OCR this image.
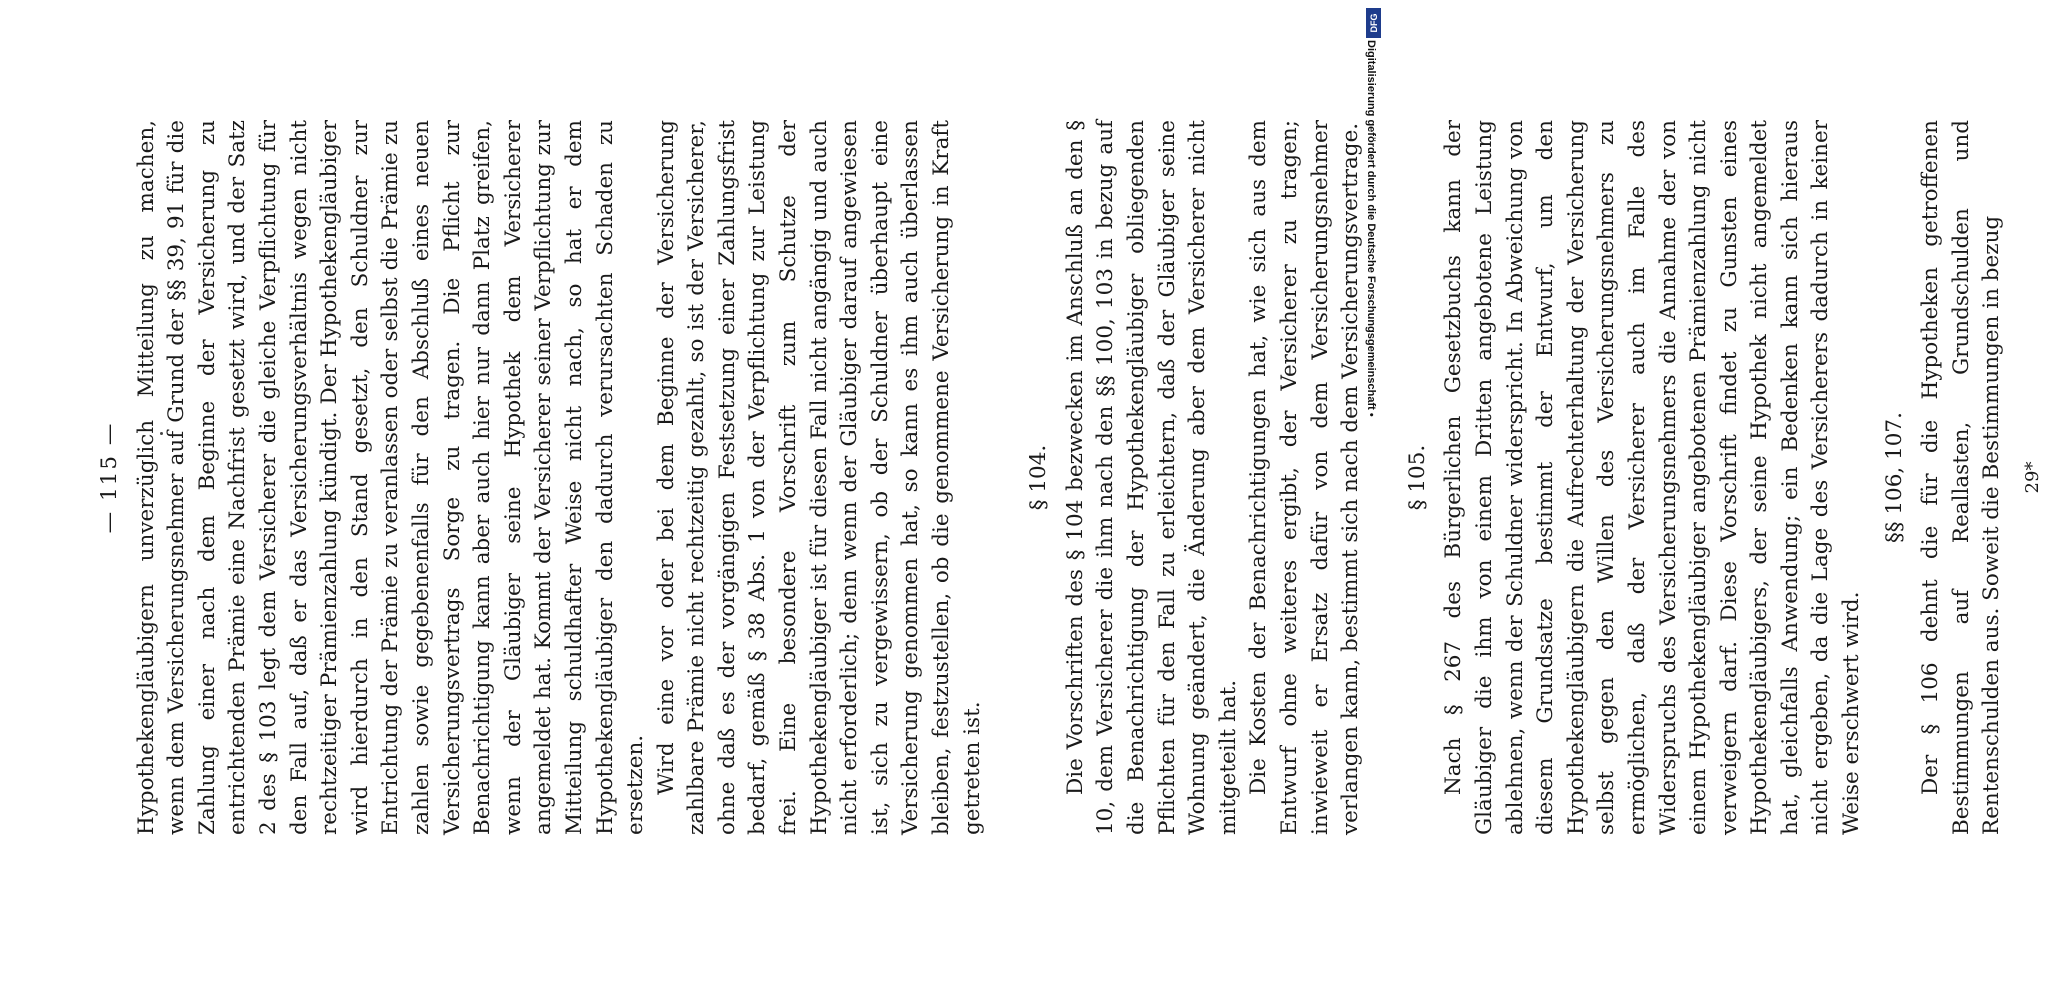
— 115 — Hypothekengläubigern unverzüglich Mitteilung zu machen, wenn dem Versicherungsnehmer auf Grund der §§ 39, 91 für die Zahlung einer nach dem Beginne der Versicherung zu entrichtenden Prämie eine Nachfrist gesetzt wird, und der Satz 2 des § 103 legt dem Versicherer die gleiche Verpflichtung für den Fall auf, daß er das Versicherungsverhältnis wegen nicht rechtzeitiger Prämienzahlung kündigt. Der Hypothekengläubiger wird hierdurch in den Stand gesetzt, den Schuldner zur Entrichtung der Prämie zu veranlassen oder selbst die Prämie zu zahlen sowie gegebenenfalls für den Abschluß eines neuen Versicherungsvertrags Sorge zu tragen. Die Pflicht zur Benachrichtigung kann aber auch hier nur dann Platz greifen, wenn der Gläubiger seine Hypothek dem Versicherer angemeldet hat. Kommt der Versicherer seiner Verpflichtung zur Mitteilung schuldhafter Weise nicht nach, so hat er dem Hypothekengläubiger den dadurch verursachten Schaden zu ersetzen. Wird eine vor oder bei dem Beginne der Versicherung zahlbare Prämie nicht rechtzeitig gezahlt, so ist der Versicherer, ohne daß es der vorgängigen Festsetzung einer Zahlungsfrist bedarf, gemäß § 38 Abs. 1 von der Verpflichtung zur Leistung frei. Eine besondere Vorschrift zum Schutze der Hypothekengläubiger ist für diesen Fall nicht angängig und auch nicht erforderlich; denn wenn der Gläubiger darauf angewiesen ist, sich zu vergewissern, ob der Schuldner überhaupt eine Versicherung genommen hat, so kann es ihm auch überlassen bleiben, festzustellen, ob die genommene Versicherung in Kraft getreten ist.

§ 104. Die Vorschriften des § 104 bezwecken im Anschluß an den § 10, dem Versicherer die ihm nach den §§ 100, 103 in bezug auf die Benachrichtigung der Hypothekengläubiger obliegenden Pflichten für den Fall zu erleichtern, daß der Gläubiger seine Wohnung geändert, die Änderung aber dem Versicherer nicht mitgeteilt hat. Die Kosten der Benachrichtigungen hat, wie sich aus dem Entwurf ohne weiteres ergibt, der Versicherer zu tragen; inwieweit er Ersatz dafür von dem Versicherungsnehmer verlangen kann, bestimmt sich nach dem Versicherungsvertrage. § 105. Nach § 267 des Bürgerlichen Gesetzbuchs kann der Gläubiger die ihm von einem Dritten angebotene Leistung ablehnen, wenn der Schuldner widerspricht. In Abweichung von diesem Grundsatze bestimmt der Entwurf, um den Hypothekengläubigern die Aufrechterhaltung der Versicherung selbst gegen den Willen des Versicherungsnehmers zu ermöglichen, daß der Versicherer auch im Falle des Widerspruchs des Versicherungsnehmers die Annahme der von einem Hypothekengläubiger angebotenen Prämienzahlung nicht verweigern darf. Diese Vorschrift findet zu Gunsten eines Hypothekengläubigers, der seine Hypothek nicht angemeldet hat, gleichfalls Anwendung; ein Bedenken kann sich hieraus nicht ergeben, da die Lage des Versicherers dadurch in keiner Weise erschwert wird.

§§ 106, 107. Der § 106 dehnt die für die Hypotheken getroffenen Bestimmungen auf Reallasten, Grundschulden und Rentenschulden aus. Soweit die Bestimmungen in bezug 29*
DFG
Digitalisierung gefördert durch die Deutsche Forschungsgemeinschaft •
